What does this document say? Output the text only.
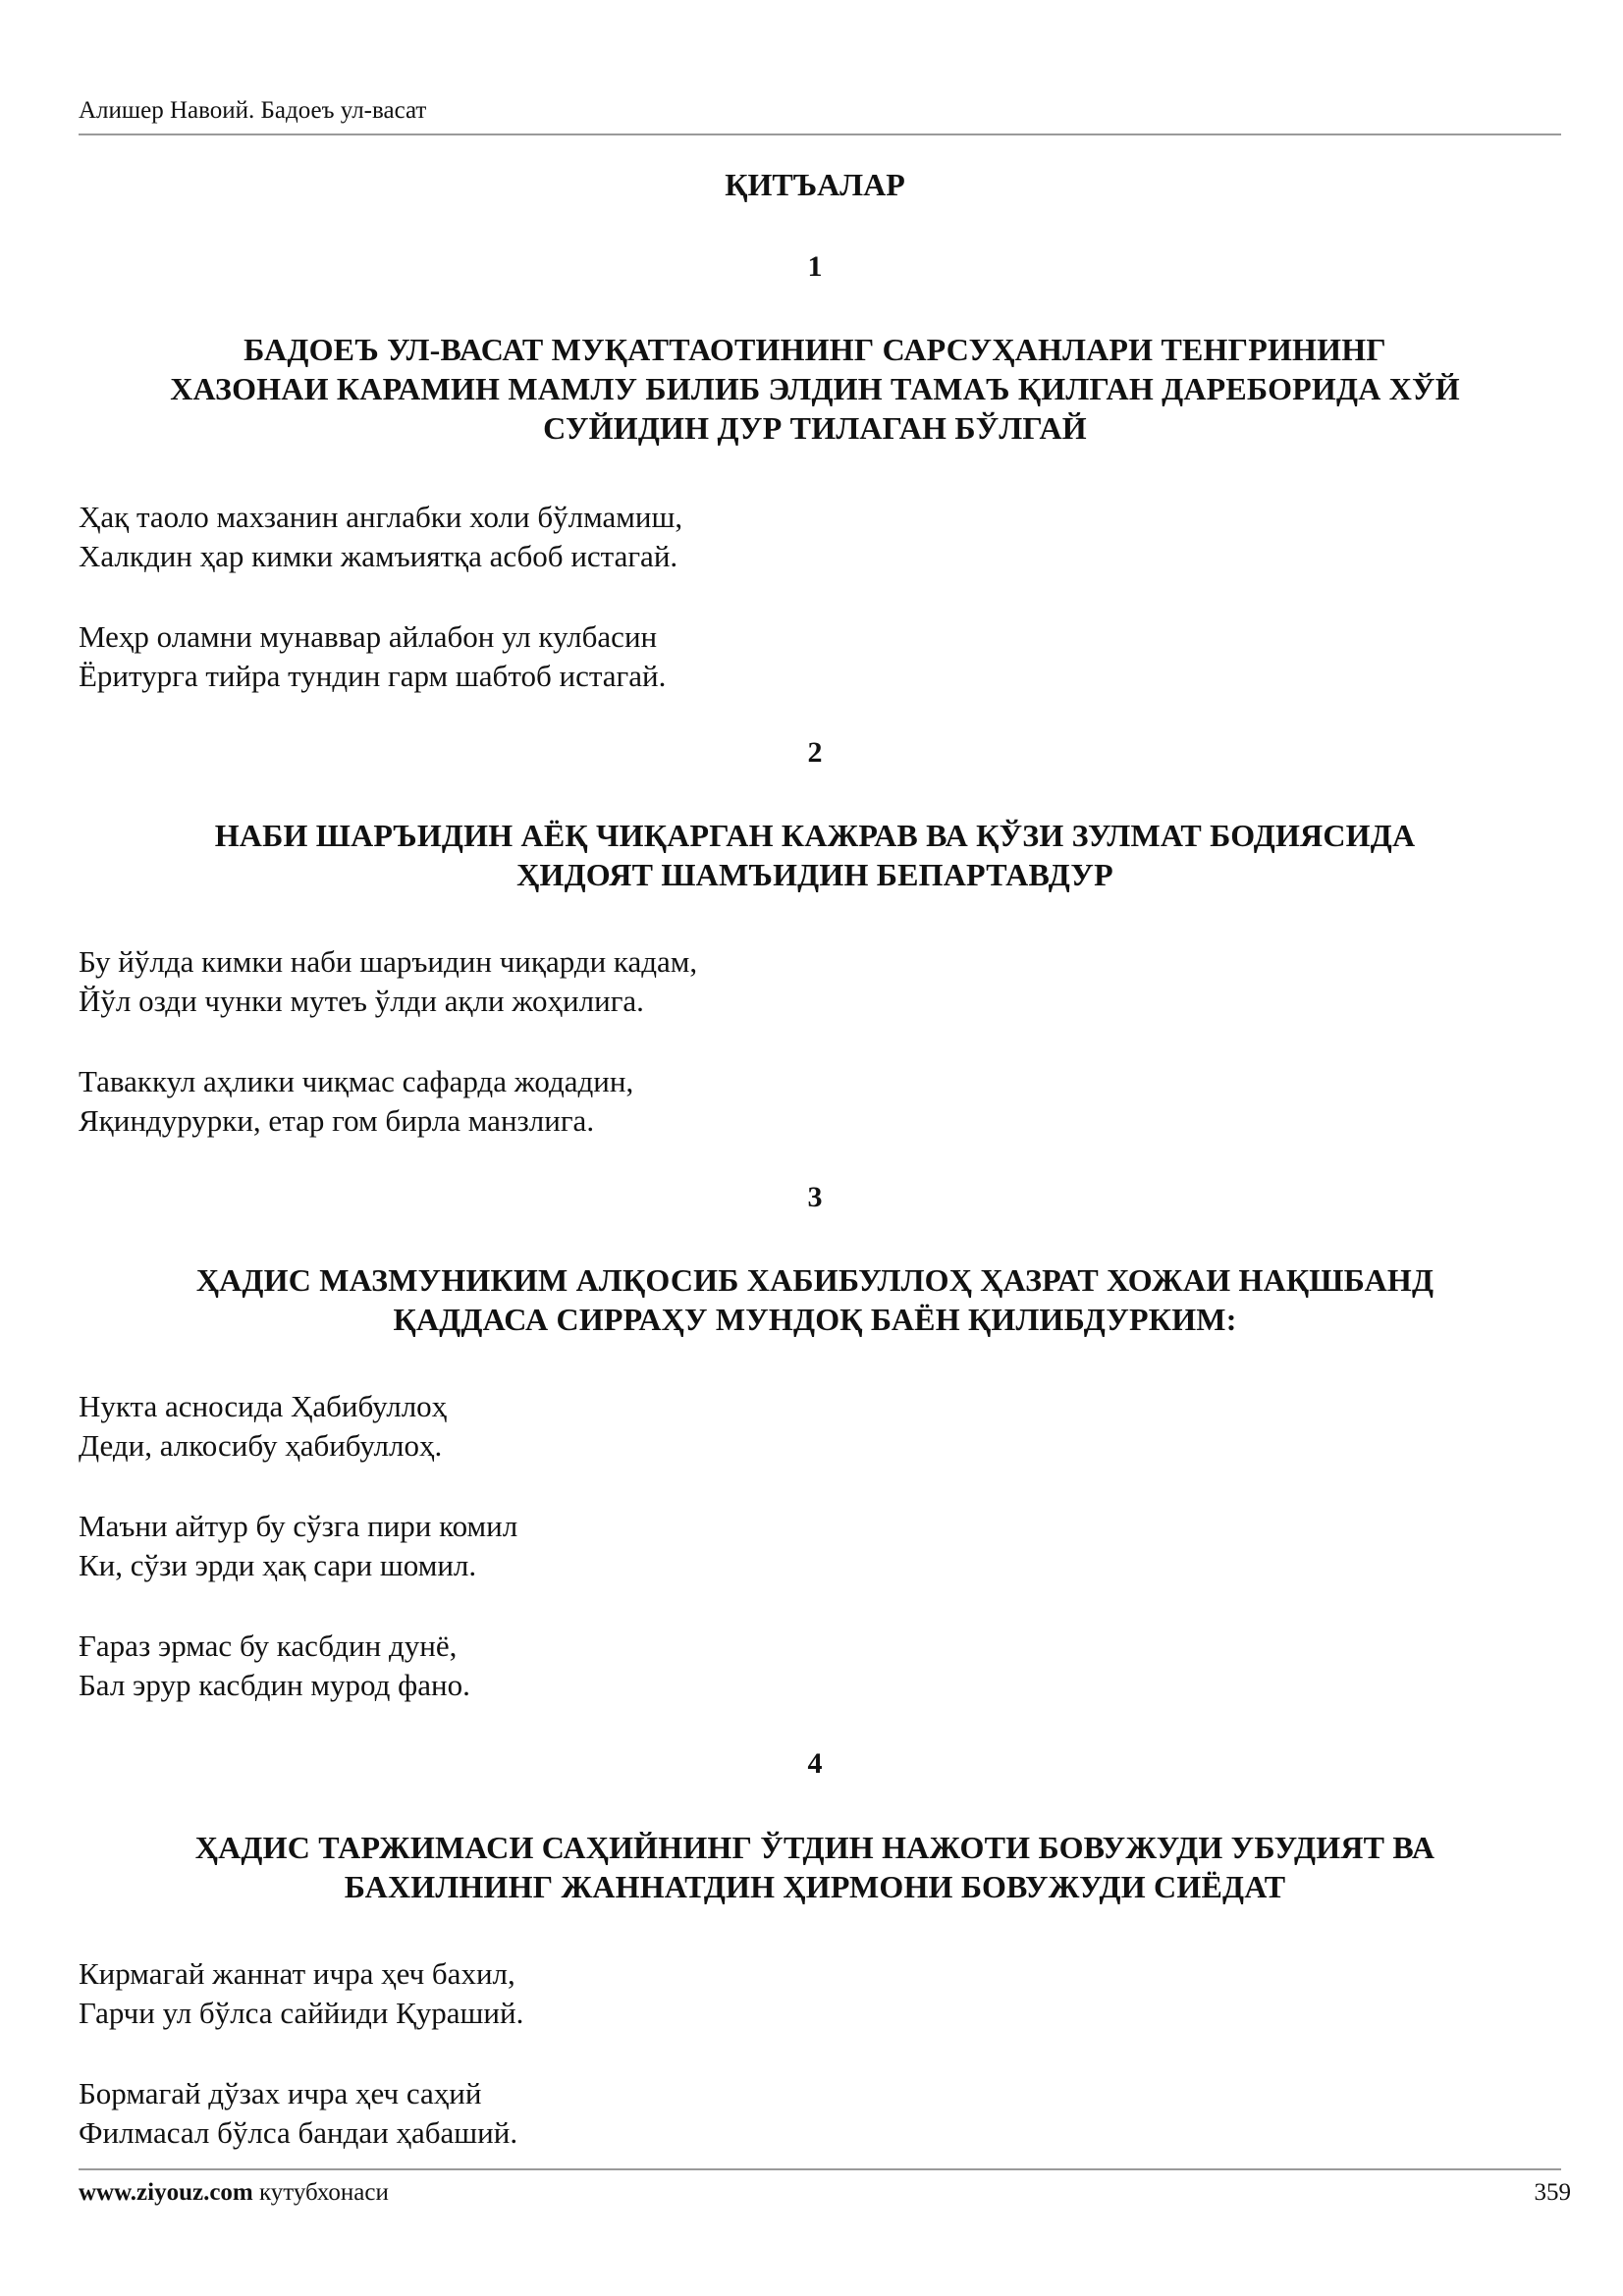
Алишер Навоий. Бадоеъ ул-васат
ҚИТЪАЛАР
1
БАДОЕЪ УЛ-ВАСАТ МУҚАТТАОТИНИНГ САРСУҲАНЛАРИ ТЕНГРИНИНГ
ХАЗОНАИ КАРАМИН МАМЛУ БИЛИБ ЭЛДИН ТАМАЪ ҚИЛГАН ДАРЕБОРИДА ХЎЙ
СУЙИДИН ДУР ТИЛАГАН БЎЛГАЙ
Ҳақ таоло махзанин англабки холи бўлмамиш,
Халкдин ҳар кимки жамъиятқа асбоб истагай.
Меҳр оламни мунаввар айлабон ул кулбасин
Ёритурга тийра тундин гарм шабтоб истагай.
2
НАБИ ШАРЪИДИН АЁҚ ЧИҚАРГАН КАЖРАВ ВА ҚЎЗИ ЗУЛМАТ БОДИЯСИДА
ҲИДОЯТ ШАМЪИДИН БЕПАРТАВДУР
Бу йўлда кимки наби шаръидин чиқарди кадам,
Йўл озди чунки мутеъ ўлди ақли жоҳилига.
Таваккул аҳлики чиқмас сафарда жодадин,
Яқиндурурки, етар гом бирла манзлига.
3
ҲАДИС МАЗМУНИКИМ АЛҚОСИБ ХАБИБУЛЛОҲ ҲАЗРАТ ХОЖАИ НАҚШБАНД
ҚАДДАСА СИРРАҲУ МУНДОҚ БАЁН ҚИЛИБДУРКИМ:
Нукта асносида Ҳабибуллоҳ
Деди, алкосибу ҳабибуллоҳ.
Маъни айтур бу сўзга пири комил
Ки, сўзи эрди ҳақ сари шомил.
Ғараз эрмас бу касбдин дунё,
Бал эрур касбдин мурод фано.
4
ҲАДИС ТАРЖИМАСИ САҲИЙНИНГ ЎТДИН НАЖОТИ БОВУЖУДИ УБУДИЯТ ВА
БАХИЛНИНГ ЖАННАТДИН ҲИРМОНИ БОВУЖУДИ СИЁДАТ
Кирмагай жаннат ичра ҳеч бахил,
Гарчи ул бўлса саййиди Қураший.
Бормагай дўзах ичра ҳеч саҳий
Филмасал бўлса бандаи ҳабаший.
www.ziyouz.com кутубхонаси	359
